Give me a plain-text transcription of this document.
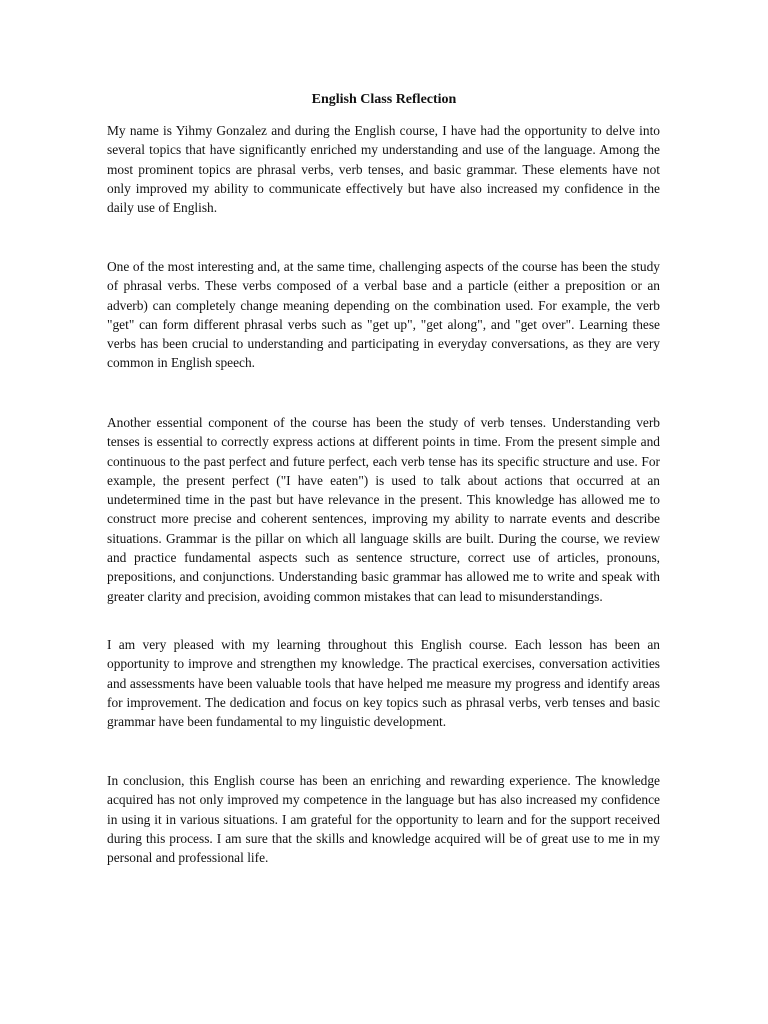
English Class Reflection

My name is Yihmy Gonzalez and during the English course, I have had the opportunity to delve into several topics that have significantly enriched my understanding and use of the language. Among the most prominent topics are phrasal verbs, verb tenses, and basic grammar. These elements have not only improved my ability to communicate effectively but have also increased my confidence in the daily use of English.

One of the most interesting and, at the same time, challenging aspects of the course has been the study of phrasal verbs. These verbs composed of a verbal base and a particle (either a preposition or an adverb) can completely change meaning depending on the combination used. For example, the verb "get" can form different phrasal verbs such as "get up", "get along", and "get over". Learning these verbs has been crucial to understanding and participating in everyday conversations, as they are very common in English speech.

Another essential component of the course has been the study of verb tenses. Understanding verb tenses is essential to correctly express actions at different points in time. From the present simple and continuous to the past perfect and future perfect, each verb tense has its specific structure and use. For example, the present perfect ("I have eaten") is used to talk about actions that occurred at an undetermined time in the past but have relevance in the present. This knowledge has allowed me to construct more precise and coherent sentences, improving my ability to narrate events and describe situations. Grammar is the pillar on which all language skills are built. During the course, we review and practice fundamental aspects such as sentence structure, correct use of articles, pronouns, prepositions, and conjunctions. Understanding basic grammar has allowed me to write and speak with greater clarity and precision, avoiding common mistakes that can lead to misunderstandings.

I am very pleased with my learning throughout this English course. Each lesson has been an opportunity to improve and strengthen my knowledge. The practical exercises, conversation activities and assessments have been valuable tools that have helped me measure my progress and identify areas for improvement. The dedication and focus on key topics such as phrasal verbs, verb tenses and basic grammar have been fundamental to my linguistic development.

In conclusion, this English course has been an enriching and rewarding experience. The knowledge acquired has not only improved my competence in the language but has also increased my confidence in using it in various situations. I am grateful for the opportunity to learn and for the support received during this process. I am sure that the skills and knowledge acquired will be of great use to me in my personal and professional life.
